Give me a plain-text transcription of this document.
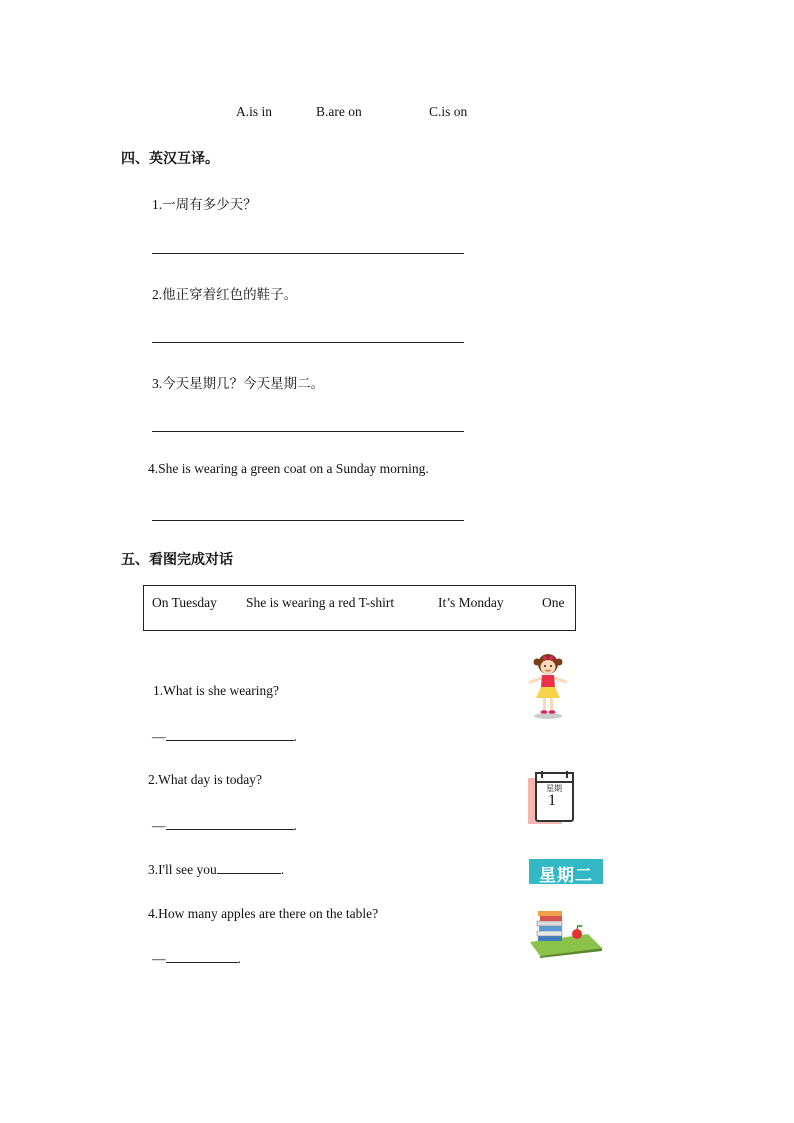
A.is in	B.are on	C.is on
四、英汉互译。
1.一周有多少天？
2.他正穿着红色的鞋子。
3.今天星期几？今天星期二。
4.She is wearing a green coat on a Sunday morning.
五、看图完成对话
On Tuesday She is wearing a red T-shirt	It’s Monday	One
1.What is she wearing?
—	.
2.What day is today?
—	.
3.I'll see you	.
4.How many apples are there on the table?
—	.
星期
1
星期二
